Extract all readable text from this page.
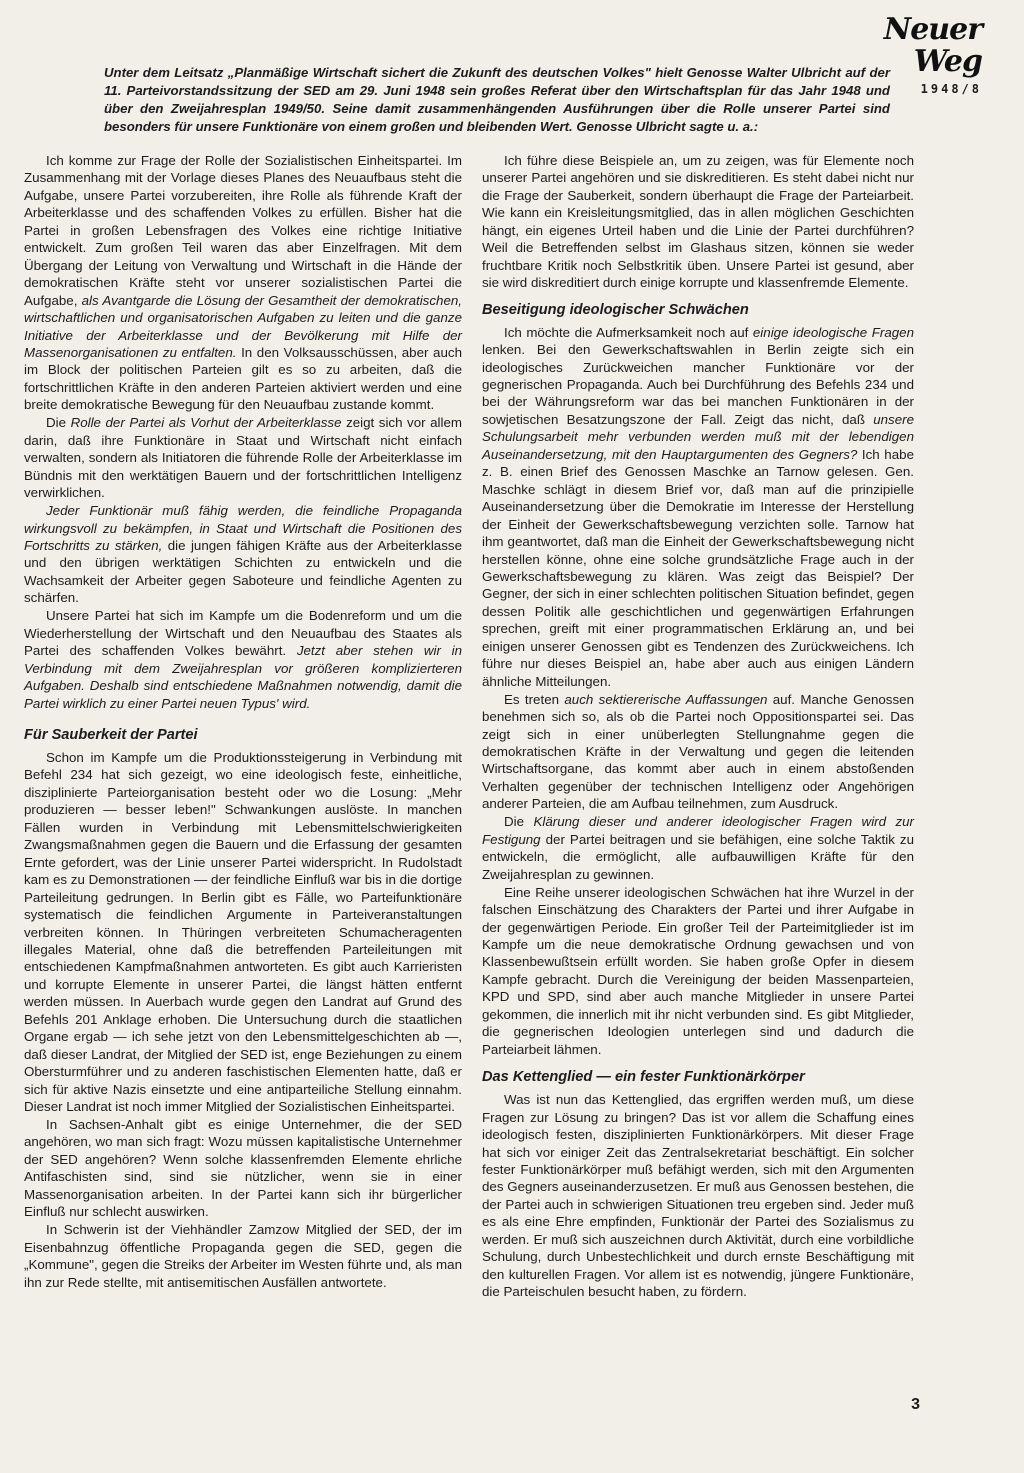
Neuer Weg
1948/8
Unter dem Leitsatz „Planmäßige Wirtschaft sichert die Zukunft des deutschen Volkes" hielt Genosse Walter Ulbricht auf der 11. Parteivorstandssitzung der SED am 29. Juni 1948 sein großes Referat über den Wirtschaftsplan für das Jahr 1948 und über den Zweijahresplan 1949/50. Seine damit zusammenhängenden Ausführungen über die Rolle unserer Partei sind besonders für unsere Funktionäre von einem großen und bleibenden Wert. Genosse Ulbricht sagte u. a.:

Ich komme zur Frage der Rolle der Sozialistischen Einheitspartei. Im Zusammenhang mit der Vorlage dieses Planes des Neuaufbaus steht die Aufgabe, unsere Partei vorzubereiten, ihre Rolle als führende Kraft der Arbeiterklasse und des schaffenden Volkes zu erfüllen. Bisher hat die Partei in großen Lebensfragen des Volkes eine richtige Initiative entwickelt. Zum großen Teil waren das aber Einzelfragen. Mit dem Übergang der Leitung von Verwaltung und Wirtschaft in die Hände der demokratischen Kräfte steht vor unserer sozialistischen Partei die Aufgabe, als Avantgarde die Lösung der Gesamtheit der demokratischen, wirtschaftlichen und organisatorischen Aufgaben zu leiten und die ganze Initiative der Arbeiterklasse und der Bevölkerung mit Hilfe der Massenorganisationen zu entfalten. In den Volksausschüssen, aber auch im Block der politischen Parteien gilt es so zu arbeiten, daß die fortschrittlichen Kräfte in den anderen Parteien aktiviert werden und eine breite demokratische Bewegung für den Neuaufbau zustande kommt.

Die Rolle der Partei als Vorhut der Arbeiterklasse zeigt sich vor allem darin, daß ihre Funktionäre in Staat und Wirtschaft nicht einfach verwalten, sondern als Initiatoren die führende Rolle der Arbeiterklasse im Bündnis mit den werktätigen Bauern und der fortschrittlichen Intelligenz verwirklichen.

Jeder Funktionär muß fähig werden, die feindliche Propaganda wirkungsvoll zu bekämpfen, in Staat und Wirtschaft die Positionen des Fortschritts zu stärken, die jungen fähigen Kräfte aus der Arbeiterklasse und den übrigen werktätigen Schichten zu entwickeln und die Wachsamkeit der Arbeiter gegen Saboteure und feindliche Agenten zu schärfen.

Unsere Partei hat sich im Kampfe um die Bodenreform und um die Wiederherstellung der Wirtschaft und den Neuaufbau des Staates als Partei des schaffenden Volkes bewährt. Jetzt aber stehen wir in Verbindung mit dem Zweijahresplan vor größeren komplizierteren Aufgaben. Deshalb sind entschiedene Maßnahmen notwendig, damit die Partei wirklich zu einer Partei neuen Typus' wird.

Für Sauberkeit der Partei

Schon im Kampfe um die Produktionssteigerung in Verbindung mit Befehl 234 hat sich gezeigt, wo eine ideologisch feste, einheitliche, disziplinierte Parteiorganisation besteht oder wo die Losung: „Mehr produzieren — besser leben!" Schwankungen auslöste. In manchen Fällen wurden in Verbindung mit Lebensmittelschwierigkeiten Zwangsmaßnahmen gegen die Bauern und die Erfassung der gesamten Ernte gefordert, was der Linie unserer Partei widerspricht. In Rudolstadt kam es zu Demonstrationen — der feindliche Einfluß war bis in die dortige Parteileitung gedrungen. In Berlin gibt es Fälle, wo Parteifunktionäre systematisch die feindlichen Argumente in Parteiveranstaltungen verbreiten können. In Thüringen verbreiteten Schumacheragenten illegales Material, ohne daß die betreffenden Parteileitungen mit entschiedenen Kampfmaßnahmen antworteten. Es gibt auch Karrieristen und korrupte Elemente in unserer Partei, die längst hätten entfernt werden müssen. In Auerbach wurde gegen den Landrat auf Grund des Befehls 201 Anklage erhoben. Die Untersuchung durch die staatlichen Organe ergab — ich sehe jetzt von den Lebensmittelgeschichten ab —, daß dieser Landrat, der Mitglied der SED ist, enge Beziehungen zu einem Obersturmführer und zu anderen faschistischen Elementen hatte, daß er sich für aktive Nazis einsetzte und eine antiparteiliche Stellung einnahm. Dieser Landrat ist noch immer Mitglied der Sozialistischen Einheitspartei.

In Sachsen-Anhalt gibt es einige Unternehmer, die der SED angehören, wo man sich fragt: Wozu müssen kapitalistische Unternehmer der SED angehören? Wenn solche klassenfremden Elemente ehrliche Antifaschisten sind, sind sie nützlicher, wenn sie in einer Massenorganisation arbeiten. In der Partei kann sich ihr bürgerlicher Einfluß nur schlecht auswirken.

In Schwerin ist der Viehhändler Zamzow Mitglied der SED, der im Eisenbahnzug öffentliche Propaganda gegen die SED, gegen die „Kommune", gegen die Streiks der Arbeiter im Westen führte und, als man ihn zur Rede stellte, mit antisemitischen Ausfällen antwortete.

Ich führe diese Beispiele an, um zu zeigen, was für Elemente noch unserer Partei angehören und sie diskreditieren. Es steht dabei nicht nur die Frage der Sauberkeit, sondern überhaupt die Frage der Parteiarbeit. Wie kann ein Kreisleitungsmitglied, das in allen möglichen Geschichten hängt, ein eigenes Urteil haben und die Linie der Partei durchführen? Weil die Betreffenden selbst im Glashaus sitzen, können sie weder fruchtbare Kritik noch Selbstkritik üben. Unsere Partei ist gesund, aber sie wird diskreditiert durch einige korrupte und klassenfremde Elemente.

Beseitigung ideologischer Schwächen

Ich möchte die Aufmerksamkeit noch auf einige ideologische Fragen lenken. Bei den Gewerkschaftswahlen in Berlin zeigte sich ein ideologisches Zurückweichen mancher Funktionäre vor der gegnerischen Propaganda. Auch bei Durchführung des Befehls 234 und bei der Währungsreform war das bei manchen Funktionären in der sowjetischen Besatzungszone der Fall. Zeigt das nicht, daß unsere Schulungsarbeit mehr verbunden werden muß mit der lebendigen Auseinandersetzung, mit den Hauptargumenten des Gegners? Ich habe z. B. einen Brief des Genossen Maschke an Tarnow gelesen. Gen. Maschke schlägt in diesem Brief vor, daß man auf die prinzipielle Auseinandersetzung über die Demokratie im Interesse der Herstellung der Einheit der Gewerkschaftsbewegung verzichten solle. Tarnow hat ihm geantwortet, daß man die Einheit der Gewerkschaftsbewegung nicht herstellen könne, ohne eine solche grundsätzliche Frage auch in der Gewerkschaftsbewegung zu klären. Was zeigt das Beispiel? Der Gegner, der sich in einer schlechten politischen Situation befindet, gegen dessen Politik alle geschichtlichen und gegenwärtigen Erfahrungen sprechen, greift mit einer programmatischen Erklärung an, und bei einigen unserer Genossen gibt es Tendenzen des Zurückweichens. Ich führe nur dieses Beispiel an, habe aber auch aus einigen Ländern ähnliche Mitteilungen.

Es treten auch sektiererische Auffassungen auf. Manche Genossen benehmen sich so, als ob die Partei noch Oppositionspartei sei. Das zeigt sich in einer unüberlegten Stellungnahme gegen die demokratischen Kräfte in der Verwaltung und gegen die leitenden Wirtschaftsorgane, das kommt aber auch in einem abstoßenden Verhalten gegenüber der technischen Intelligenz oder Angehörigen anderer Parteien, die am Aufbau teilnehmen, zum Ausdruck.

Die Klärung dieser und anderer ideologischer Fragen wird zur Festigung der Partei beitragen und sie befähigen, eine solche Taktik zu entwickeln, die ermöglicht, alle aufbauwilligen Kräfte für den Zweijahresplan zu gewinnen.

Eine Reihe unserer ideologischen Schwächen hat ihre Wurzel in der falschen Einschätzung des Charakters der Partei und ihrer Aufgabe in der gegenwärtigen Periode. Ein großer Teil der Parteimitglieder ist im Kampfe um die neue demokratische Ordnung gewachsen und von Klassenbewußtsein erfüllt worden. Sie haben große Opfer in diesem Kampfe gebracht. Durch die Vereinigung der beiden Massenparteien, KPD und SPD, sind aber auch manche Mitglieder in unsere Partei gekommen, die innerlich mit ihr nicht verbunden sind. Es gibt Mitglieder, die gegnerischen Ideologien unterlegen sind und dadurch die Parteiarbeit lähmen.

Das Kettenglied — ein fester Funktionärkörper

Was ist nun das Kettenglied, das ergriffen werden muß, um diese Fragen zur Lösung zu bringen? Das ist vor allem die Schaffung eines ideologisch festen, disziplinierten Funktionärkörpers. Mit dieser Frage hat sich vor einiger Zeit das Zentralsekretariat beschäftigt. Ein solcher fester Funktionärkörper muß befähigt werden, sich mit den Argumenten des Gegners auseinanderzusetzen. Er muß aus Genossen bestehen, die der Partei auch in schwierigen Situationen treu ergeben sind. Jeder muß es als eine Ehre empfinden, Funktionär der Partei des Sozialismus zu werden. Er muß sich auszeichnen durch Aktivität, durch eine vorbildliche Schulung, durch Unbestechlichkeit und durch ernste Beschäftigung mit den kulturellen Fragen. Vor allem ist es notwendig, jüngere Funktionäre, die Parteischulen besucht haben, zu fördern.

3
